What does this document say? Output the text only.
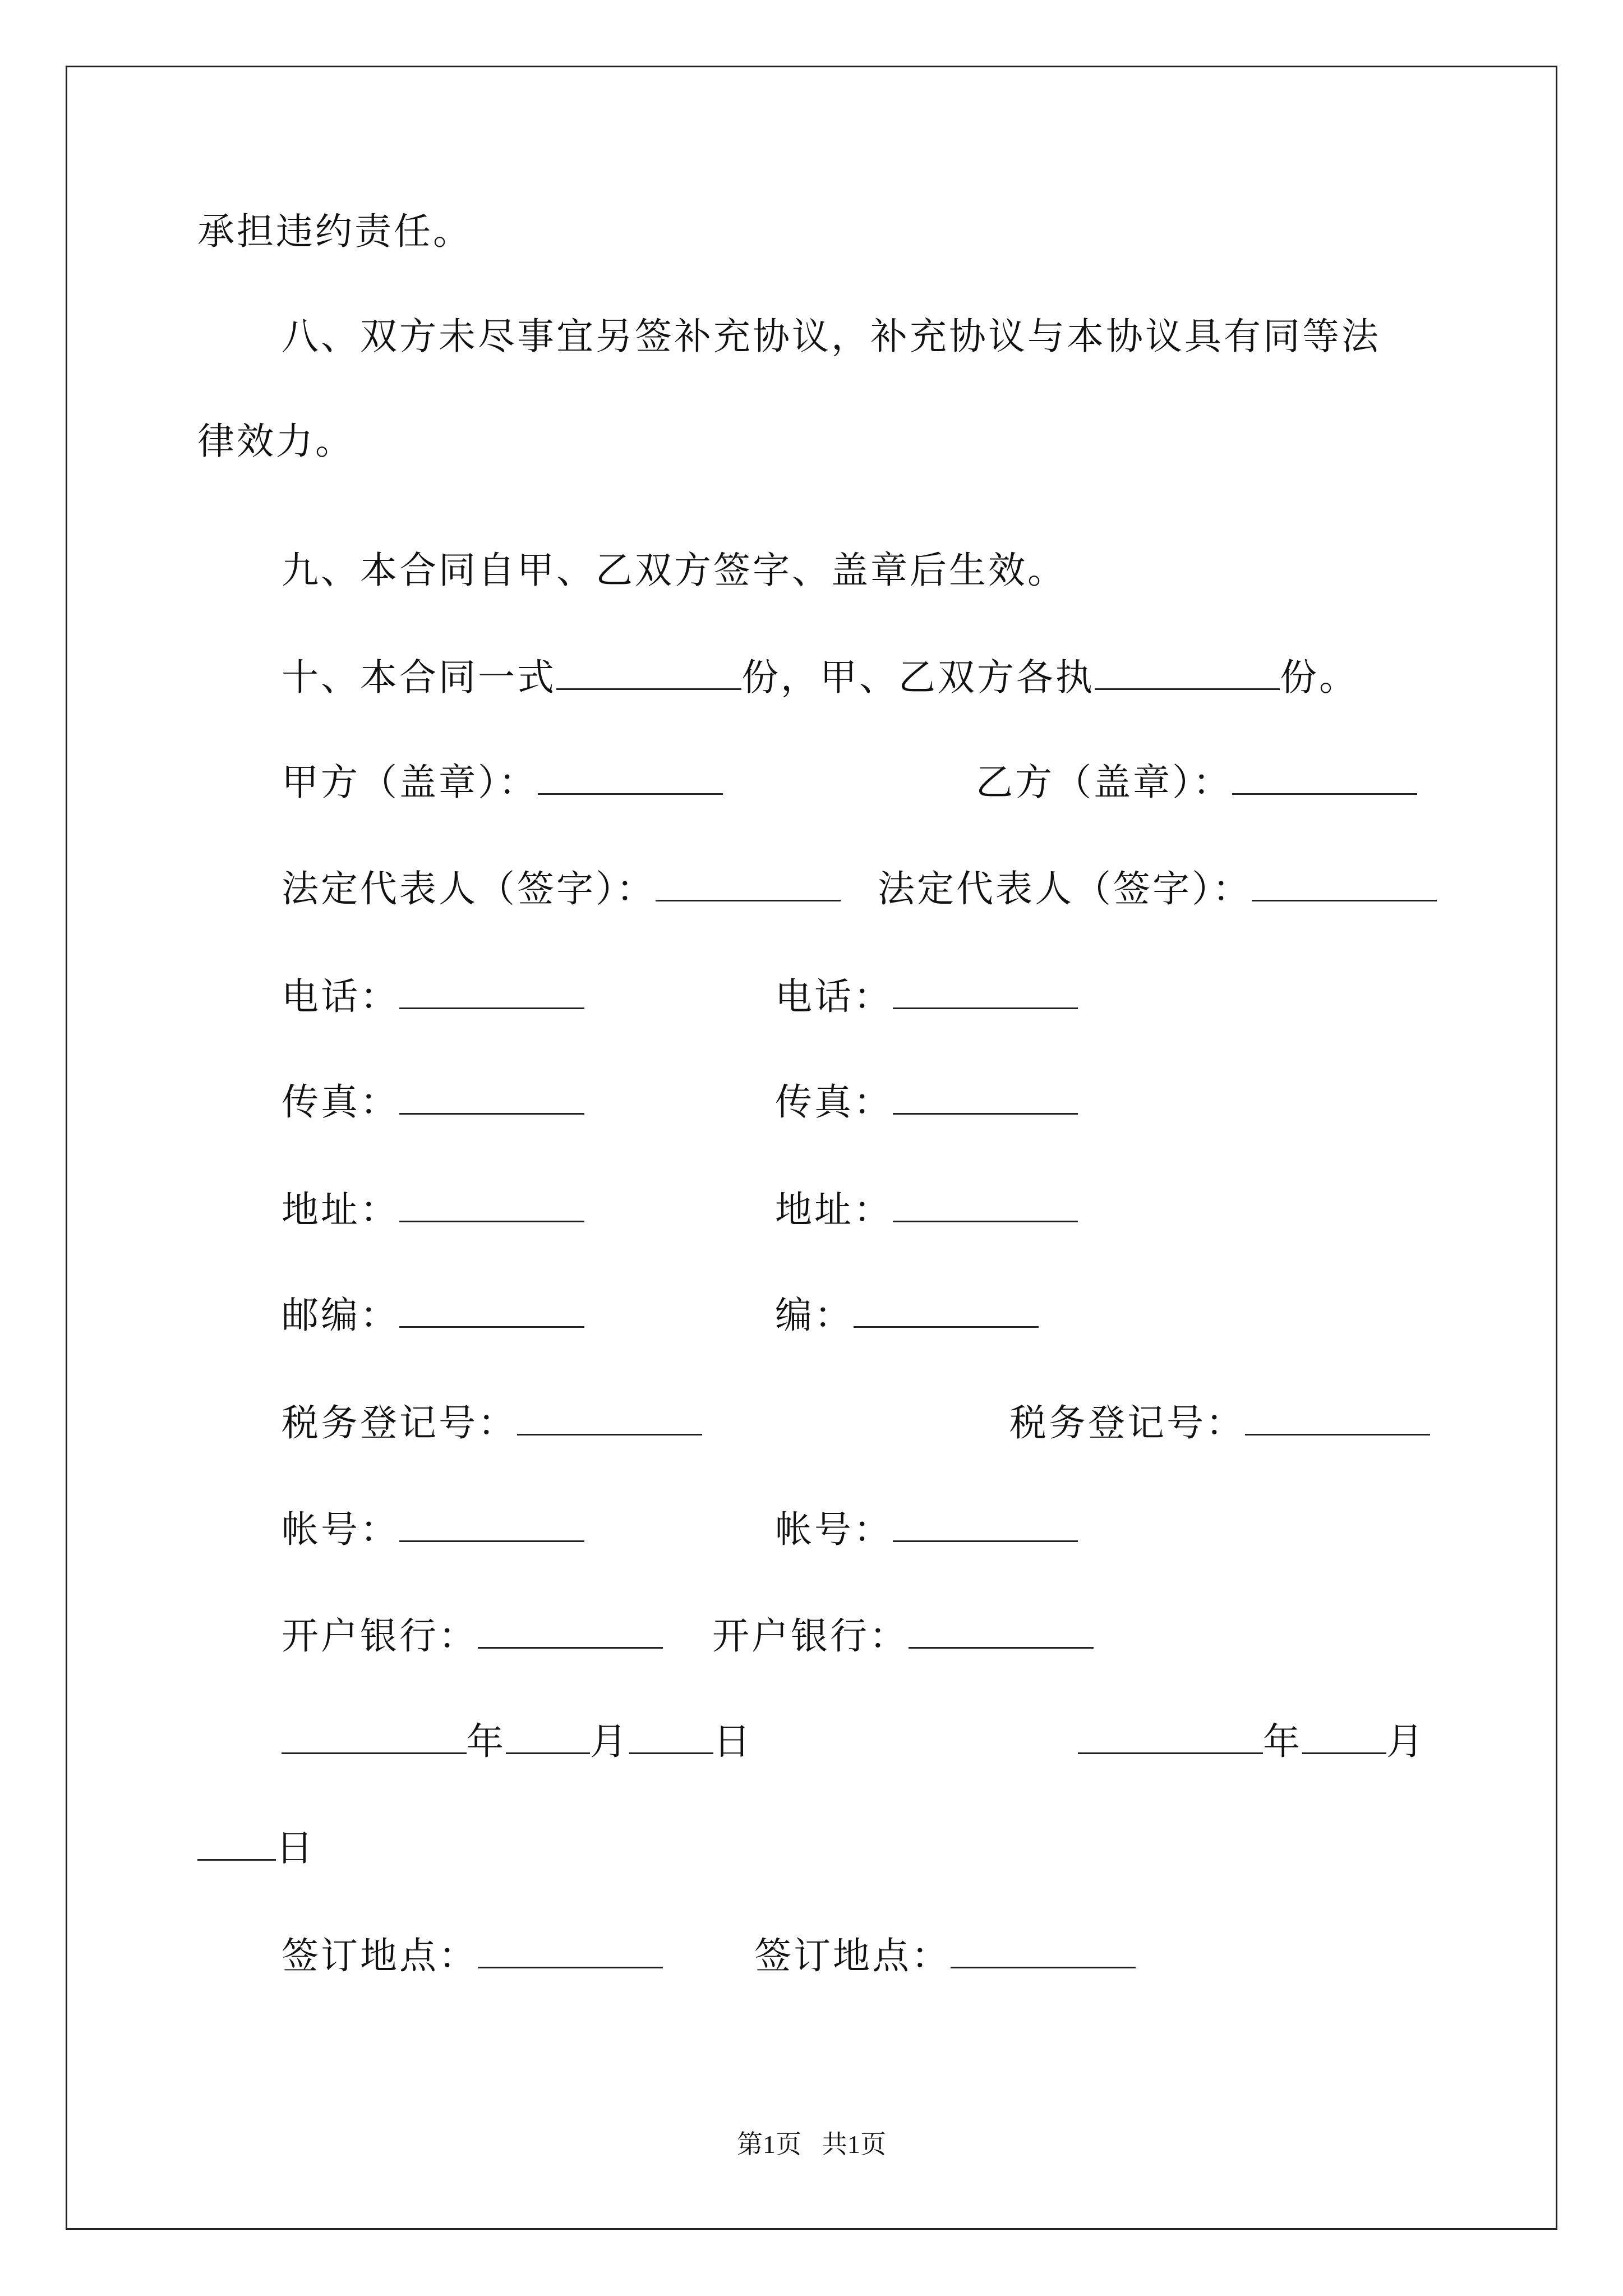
承担违约责任。
八、双方未尽事宜另签补充协议，补充协议与本协议具有同等法
律效力。
九、本合同自甲、乙双方签字、盖章后生效。
十、本合同一式	份，甲、乙双方各执	份。
甲方（盖章）：	乙方（盖章）：
法定代表人（签字）：	法定代表人（签字）：
电话：	电话：
传真：	传真：
地址：	地址：
邮编：	编：
税务登记号：	税务登记号：
帐号：	帐号：
开户银行：	开户银行：
年 月 日	年 月
日
签订地点：	签订地点：
第1页 共1页
